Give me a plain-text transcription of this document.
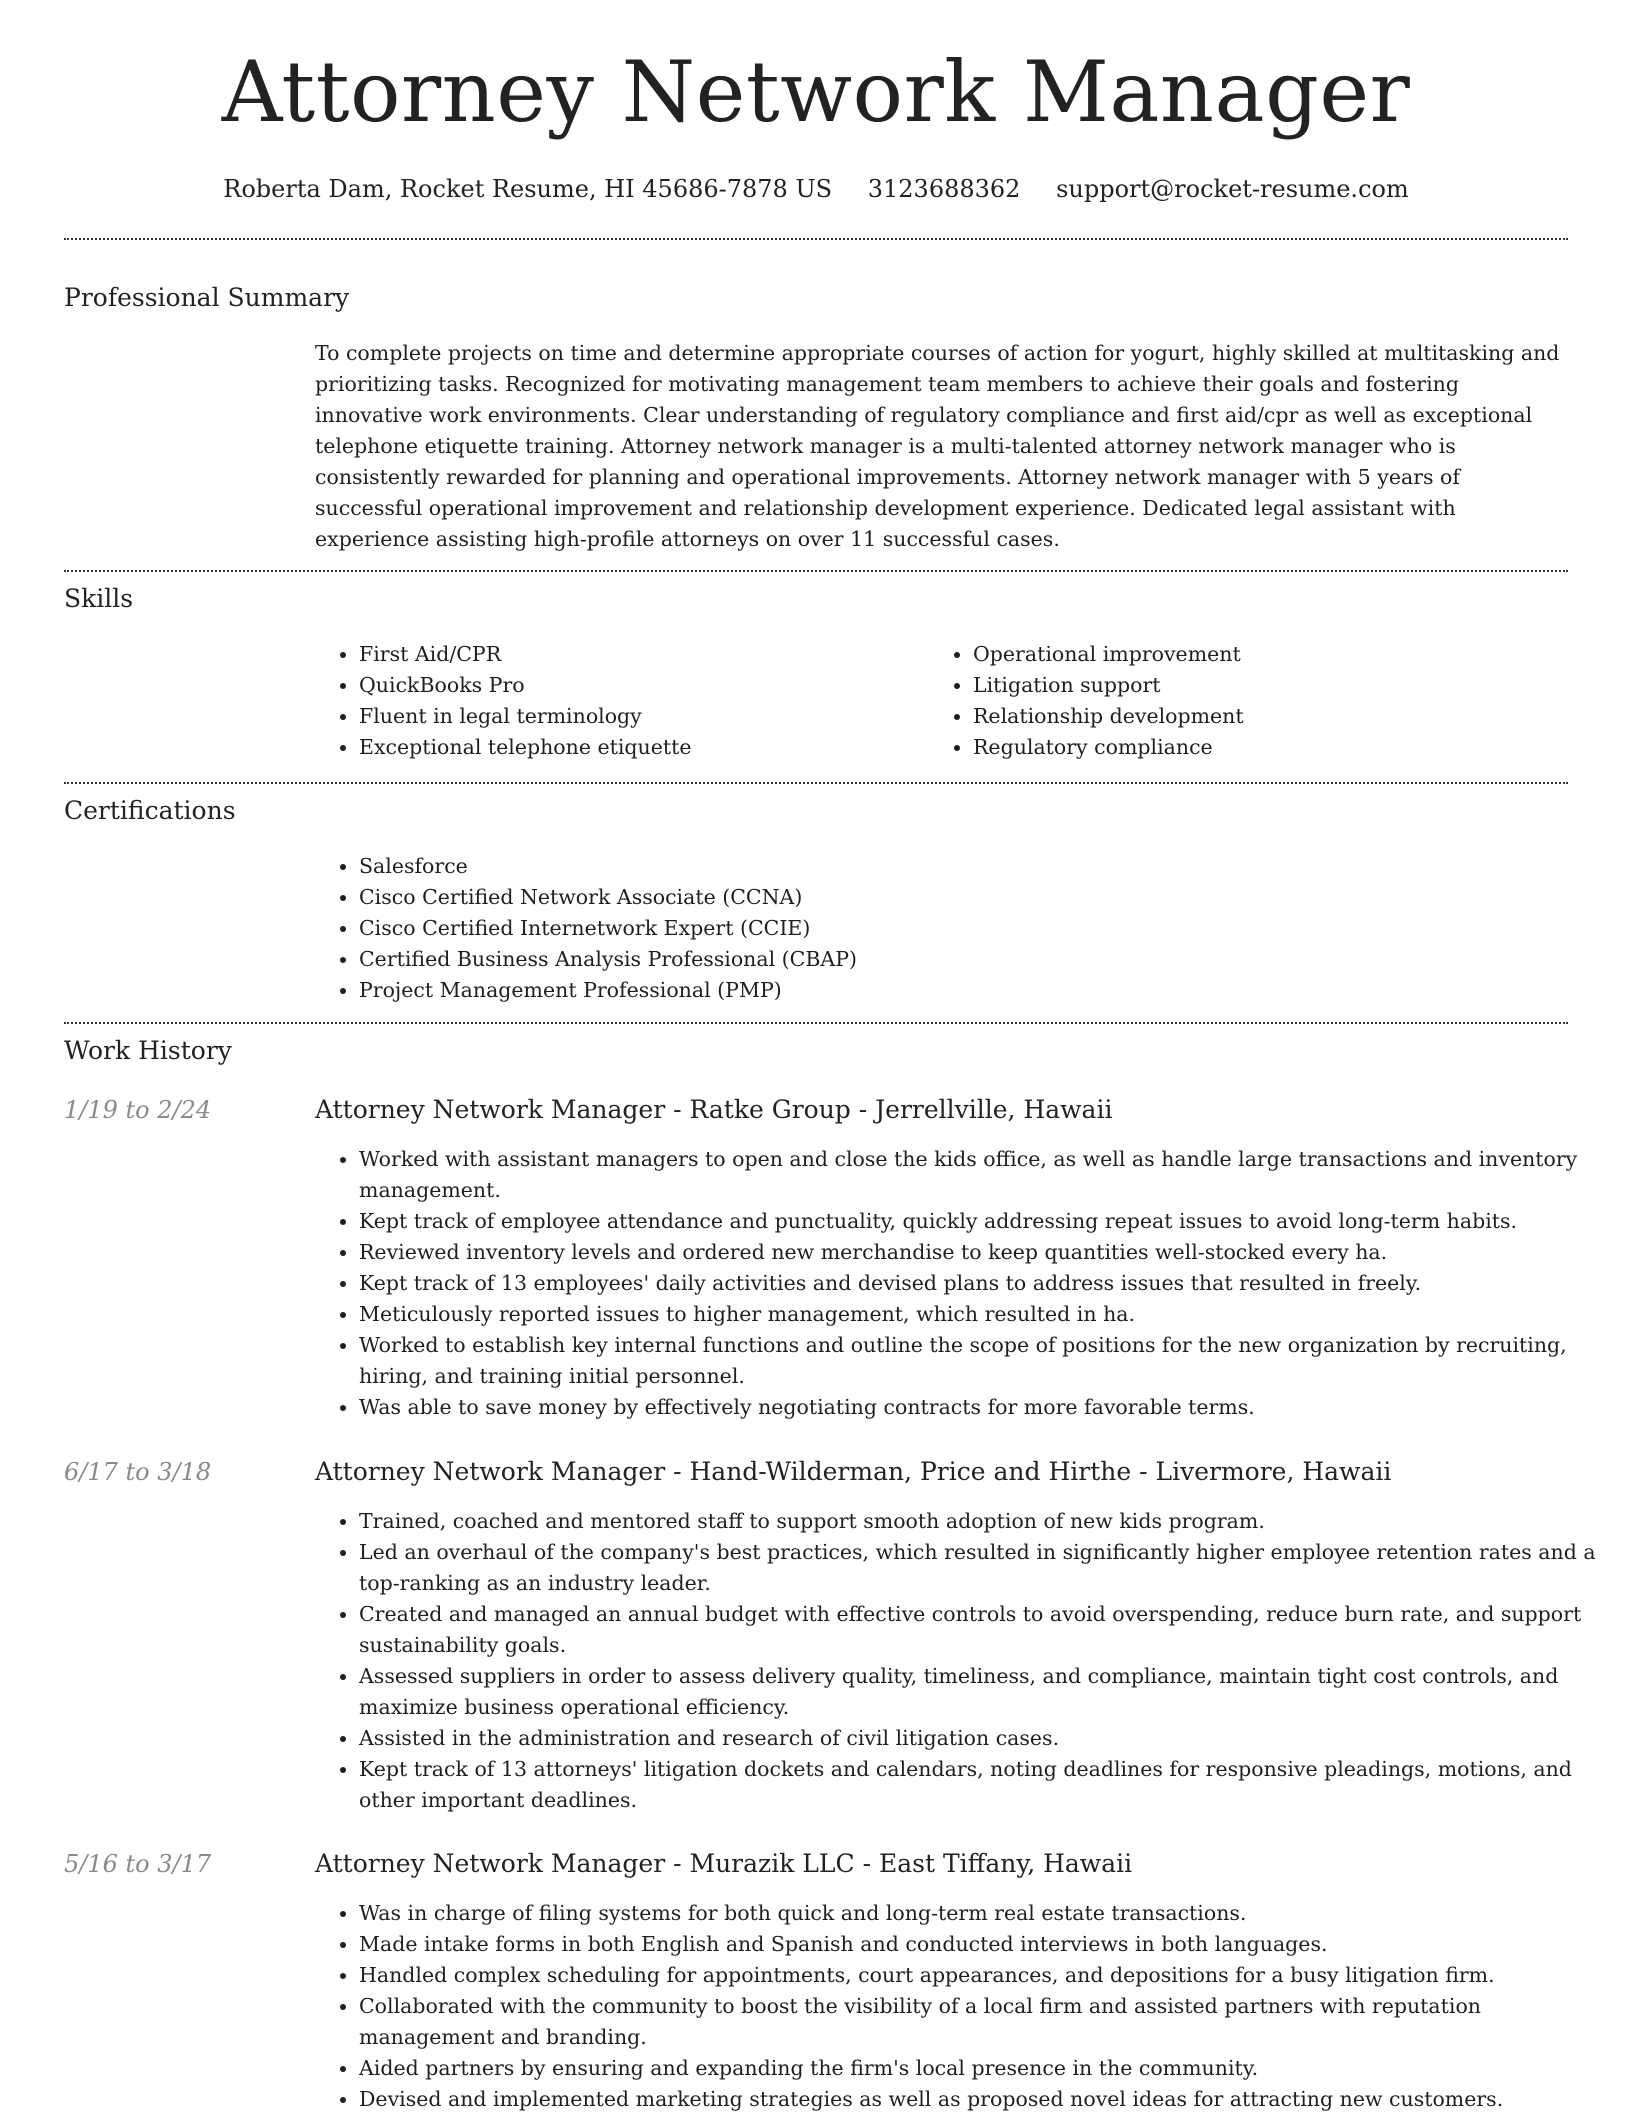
Attorney Network Manager
Roberta Dam, Rocket Resume, HI 45686-7878 US 3123688362 support@rocket-resume.com
Professional Summary

To complete projects on time and determine appropriate courses of action for yogurt, highly skilled at multitasking and prioritizing tasks. Recognized for motivating management team members to achieve their goals and fostering innovative work environments. Clear understanding of regulatory compliance and first aid/cpr as well as exceptional telephone etiquette training. Attorney network manager is a multi-talented attorney network manager who is consistently rewarded for planning and operational improvements. Attorney network manager with 5 years of successful operational improvement and relationship development experience. Dedicated legal assistant with experience assisting high-profile attorneys on over 11 successful cases.

Skills
• First Aid/CPR
• QuickBooks Pro
• Fluent in legal terminology
• Exceptional telephone etiquette
• Operational improvement
• Litigation support
• Relationship development
• Regulatory compliance
Certifications
• Salesforce
• Cisco Certified Network Associate (CCNA)
• Cisco Certified Internetwork Expert (CCIE)
• Certified Business Analysis Professional (CBAP)
• Project Management Professional (PMP)
Work History
1/19 to 2/24	Attorney Network Manager - Ratke Group - Jerrellville, Hawaii
• Worked with assistant managers to open and close the kids office, as well as handle large transactions and inventory management.
• Kept track of employee attendance and punctuality, quickly addressing repeat issues to avoid long-term habits.
• Reviewed inventory levels and ordered new merchandise to keep quantities well-stocked every ha.
• Kept track of 13 employees' daily activities and devised plans to address issues that resulted in freely.
• Meticulously reported issues to higher management, which resulted in ha.
• Worked to establish key internal functions and outline the scope of positions for the new organization by recruiting, hiring, and training initial personnel.
• Was able to save money by effectively negotiating contracts for more favorable terms.
6/17 to 3/18	Attorney Network Manager - Hand-Wilderman, Price and Hirthe - Livermore, Hawaii
• Trained, coached and mentored staff to support smooth adoption of new kids program.
• Led an overhaul of the company's best practices, which resulted in significantly higher employee retention rates and a top-ranking as an industry leader.
• Created and managed an annual budget with effective controls to avoid overspending, reduce burn rate, and support sustainability goals.
• Assessed suppliers in order to assess delivery quality, timeliness, and compliance, maintain tight cost controls, and maximize business operational efficiency.
• Assisted in the administration and research of civil litigation cases.
• Kept track of 13 attorneys' litigation dockets and calendars, noting deadlines for responsive pleadings, motions, and other important deadlines.
5/16 to 3/17	Attorney Network Manager - Murazik LLC - East Tiffany, Hawaii
• Was in charge of filing systems for both quick and long-term real estate transactions.
• Made intake forms in both English and Spanish and conducted interviews in both languages.
• Handled complex scheduling for appointments, court appearances, and depositions for a busy litigation firm.
• Collaborated with the community to boost the visibility of a local firm and assisted partners with reputation management and branding.
• Aided partners by ensuring and expanding the firm's local presence in the community.
• Devised and implemented marketing strategies as well as proposed novel ideas for attracting new customers.
